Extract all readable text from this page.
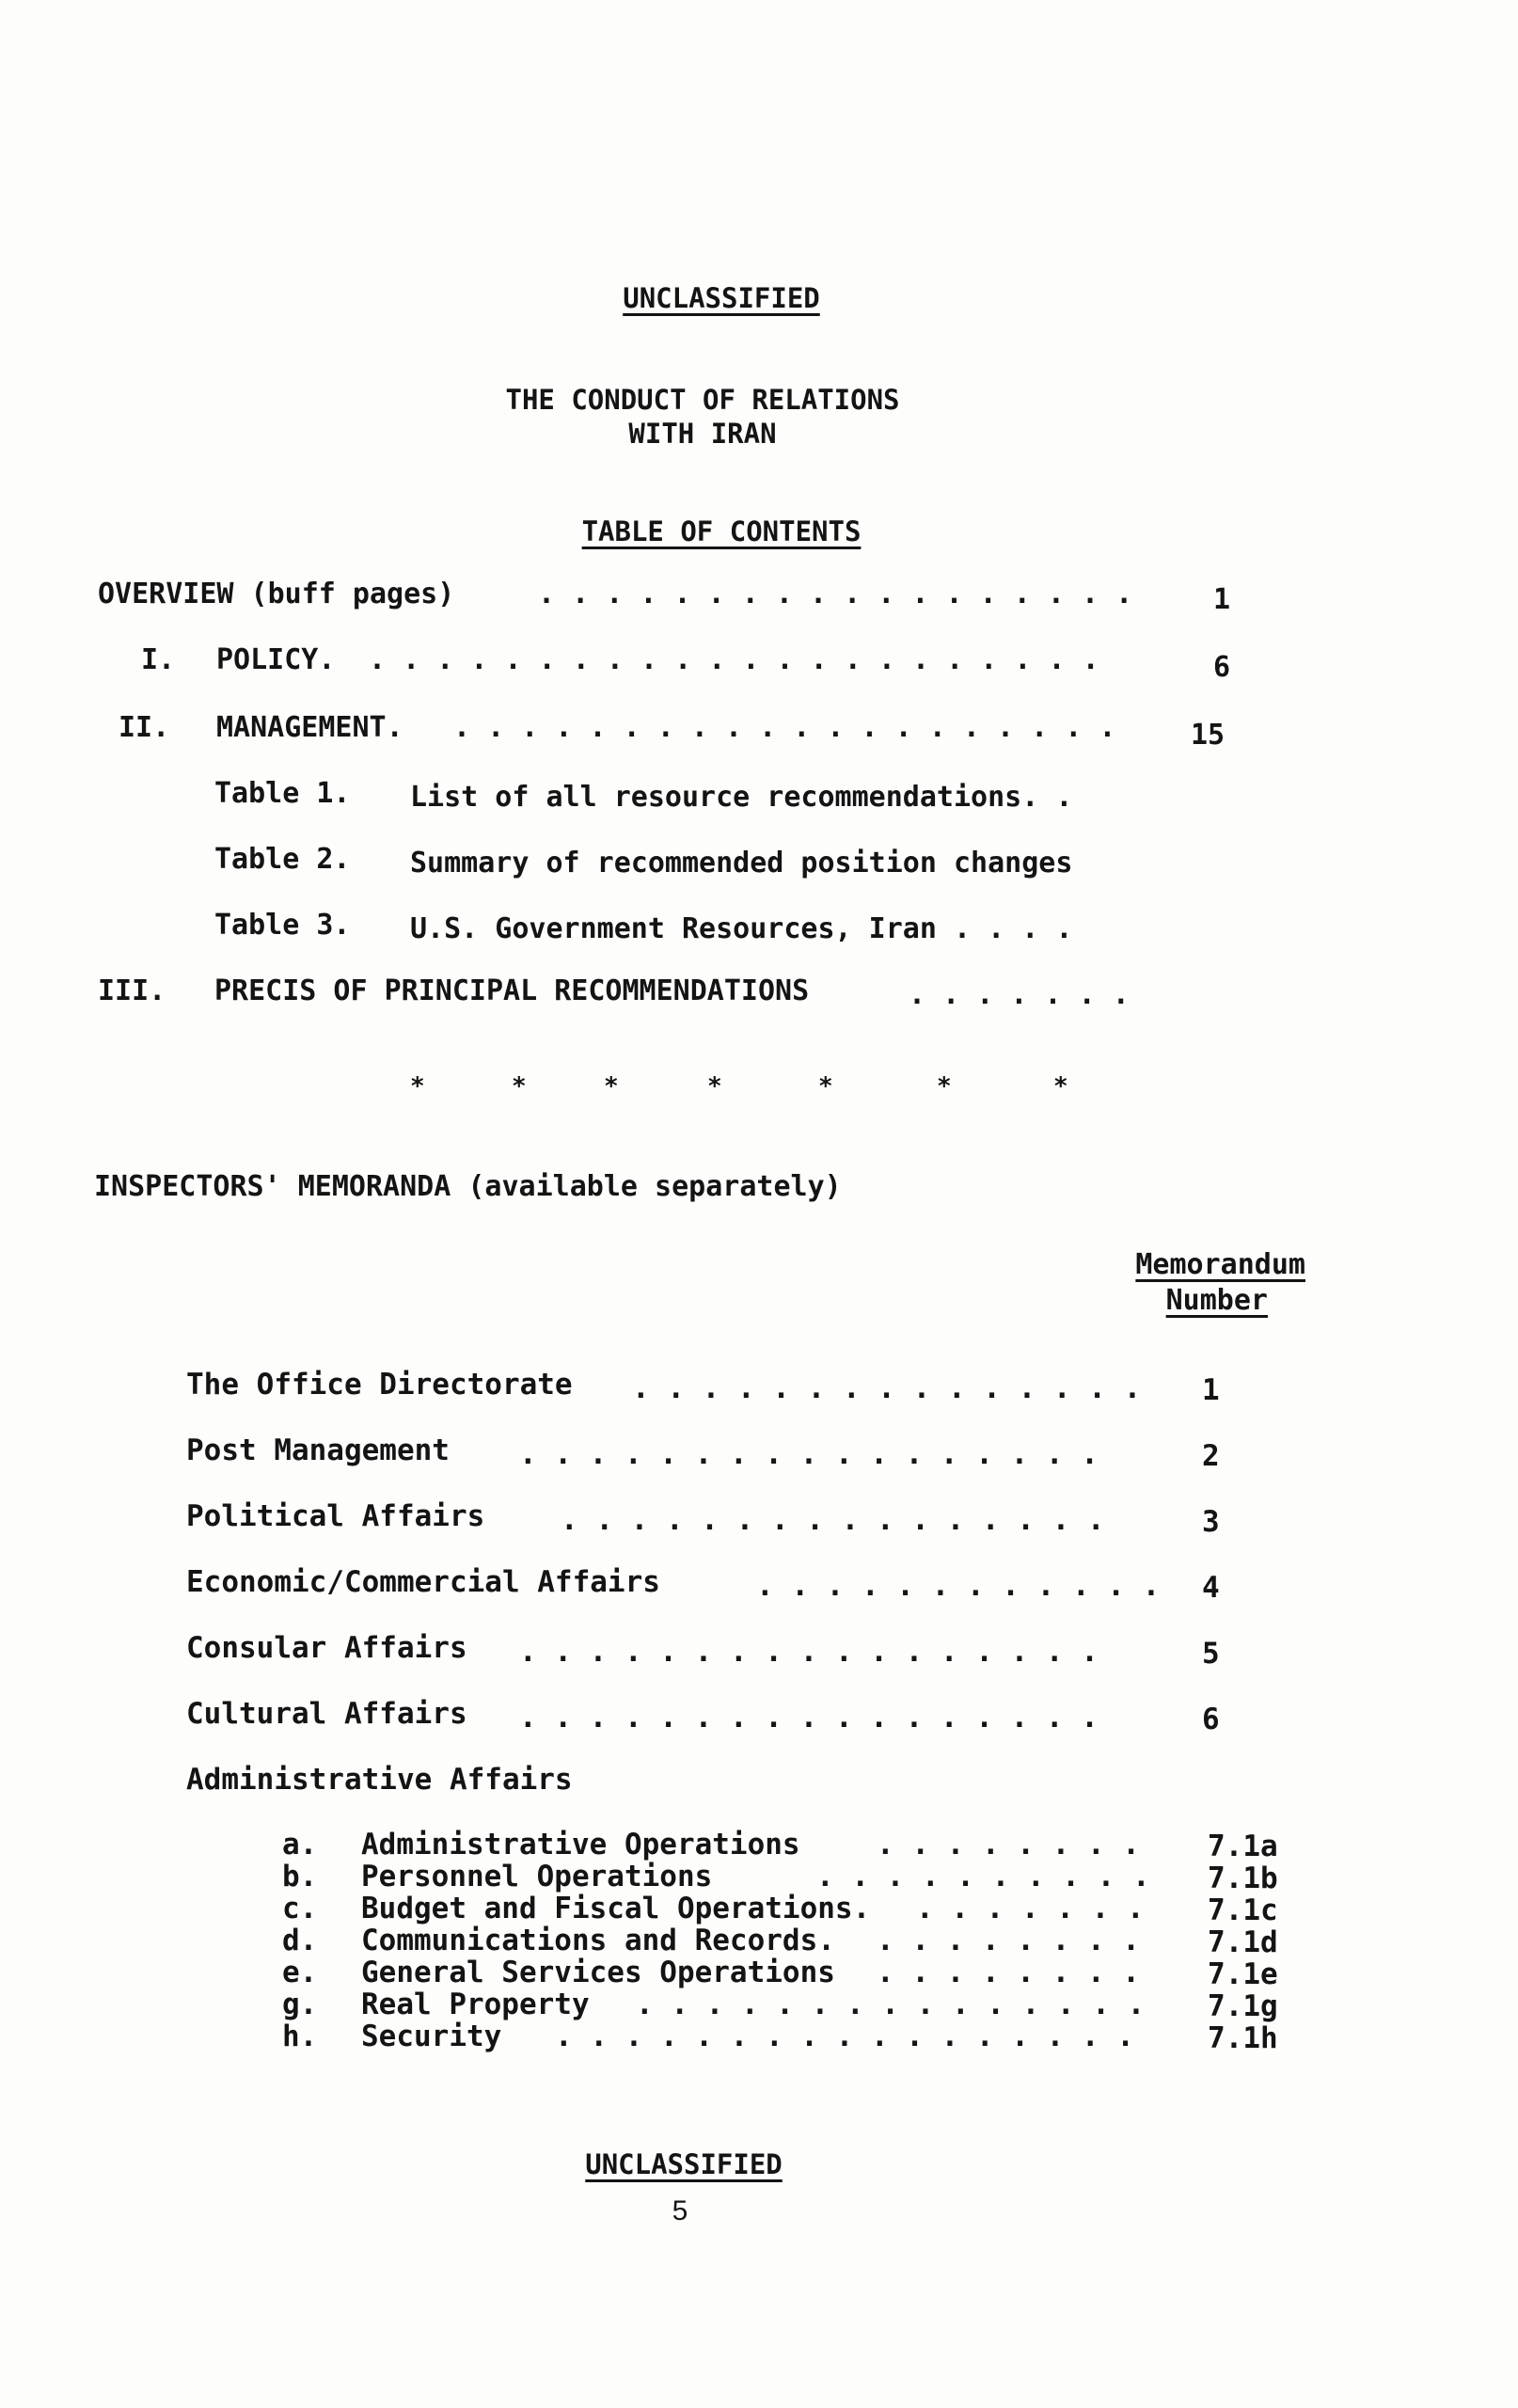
UNCLASSIFIED
THE CONDUCT OF RELATIONS
WITH IRAN
TABLE OF CONTENTS
OVERVIEW (buff pages)	. . . . . . . . . . . . . . . . . .	1
I. POLICY. . . . . . . . . . . . . . . . . . . . . . .	6
II. MANAGEMENT. . . . . . . . . . . . . . . . . . . . .	15
Table 1. List of all resource recommendations. .
Table 2. Summary of recommended position changes
Table 3. U.S. Government Resources, Iran . . . .
III. PRECIS OF PRINCIPAL RECOMMENDATIONS	. . . . . . .
*	*	*	*	*	*	*
INSPECTORS' MEMORANDA (available separately)
Memorandum
Number
The Office Directorate . . . . . . . . . . . . . . . 1
Post Management . . . . . . . . . . . . . . . . .	2
Political Affairs	. . . . . . . . . . . . . . . .	3
Economic/Commercial Affairs	. . . . . . . . . . . . 4
Consular Affairs . . . . . . . . . . . . . . . . .	5
Cultural Affairs . . . . . . . . . . . . . . . . .	6
Administrative Affairs
a. Administrative Operations	. . . . . . . . 7.1a
b. Personnel Operations	. . . . . . . . . . 7.1b
c. Budget and Fiscal Operations. . . . . . . . 7.1c
d. Communications and Records. . . . . . . . . 7.1d
e. General Services Operations . . . . . . . . 7.1e
g. Real Property . . . . . . . . . . . . . . . 7.1g
h. Security . . . . . . . . . . . . . . . . .	7.1h
UNCLASSIFIED
5
